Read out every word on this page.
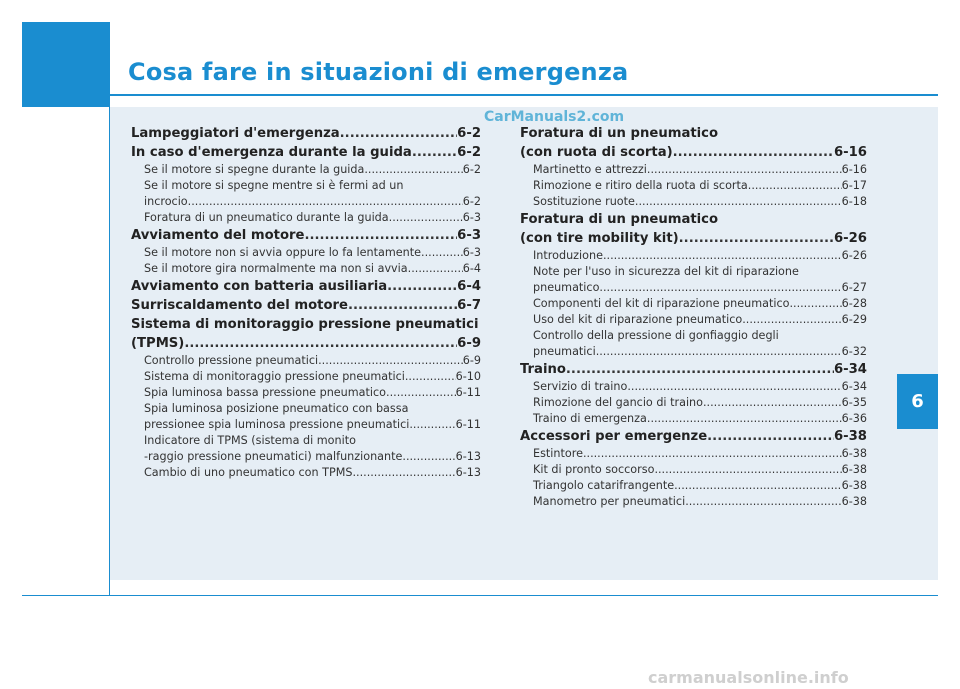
Cosa fare in situazioni di emergenza
6
CarManuals2.com
carmanualsonline.info
Lampeggiatori d'emergenza .....	6-2
In caso d'emergenza durante la guida .....	6-2
Se il motore si spegne durante la guida .....	6-2
Se il motore si spegne mentre si è fermi ad un
incrocio .....	6-2
Foratura di un pneumatico durante la guida .....	6-3
Avviamento del motore .....	6-3
Se il motore non si avvia oppure lo fa lentamente .....	6-3
Se il motore gira normalmente ma non si avvia .....	6-4
Avviamento con batteria ausiliaria .....	6-4
Surriscaldamento del motore .....	6-7
Sistema di monitoraggio pressione pneumatici
(TPMS) .....	6-9
Controllo pressione pneumatici .....	6-9
Sistema di monitoraggio pressione pneumatici .....	6-10
Spia luminosa bassa pressione pneumatico .....	6-11
Spia luminosa posizione pneumatico con bassa
pressionee spia luminosa pressione pneumatici .....	6-11
Indicatore di TPMS (sistema di monito
-raggio pressione pneumatici) malfunzionante .....	6-13
Cambio di uno pneumatico con TPMS .....	6-13
Foratura di un pneumatico
(con ruota di scorta) .....	6-16
Martinetto e attrezzi .....	6-16
Rimozione e ritiro della ruota di scorta .....	6-17
Sostituzione ruote .....	6-18
Foratura di un pneumatico
(con tire mobility kit) .....	6-26
Introduzione .....	6-26
Note per l'uso in sicurezza del kit di riparazione
pneumatico .....	6-27
Componenti del kit di riparazione pneumatico .....	6-28
Uso del kit di riparazione pneumatico .....	6-29
Controllo della pressione di gonfiaggio degli
pneumatici .....	6-32
Traino .....	6-34
Servizio di traino .....	6-34
Rimozione del gancio di traino .....	6-35
Traino di emergenza .....	6-36
Accessori per emergenze .....	6-38
Estintore .....	6-38
Kit di pronto soccorso .....	6-38
Triangolo catarifrangente .....	6-38
Manometro per pneumatici .....	6-38
